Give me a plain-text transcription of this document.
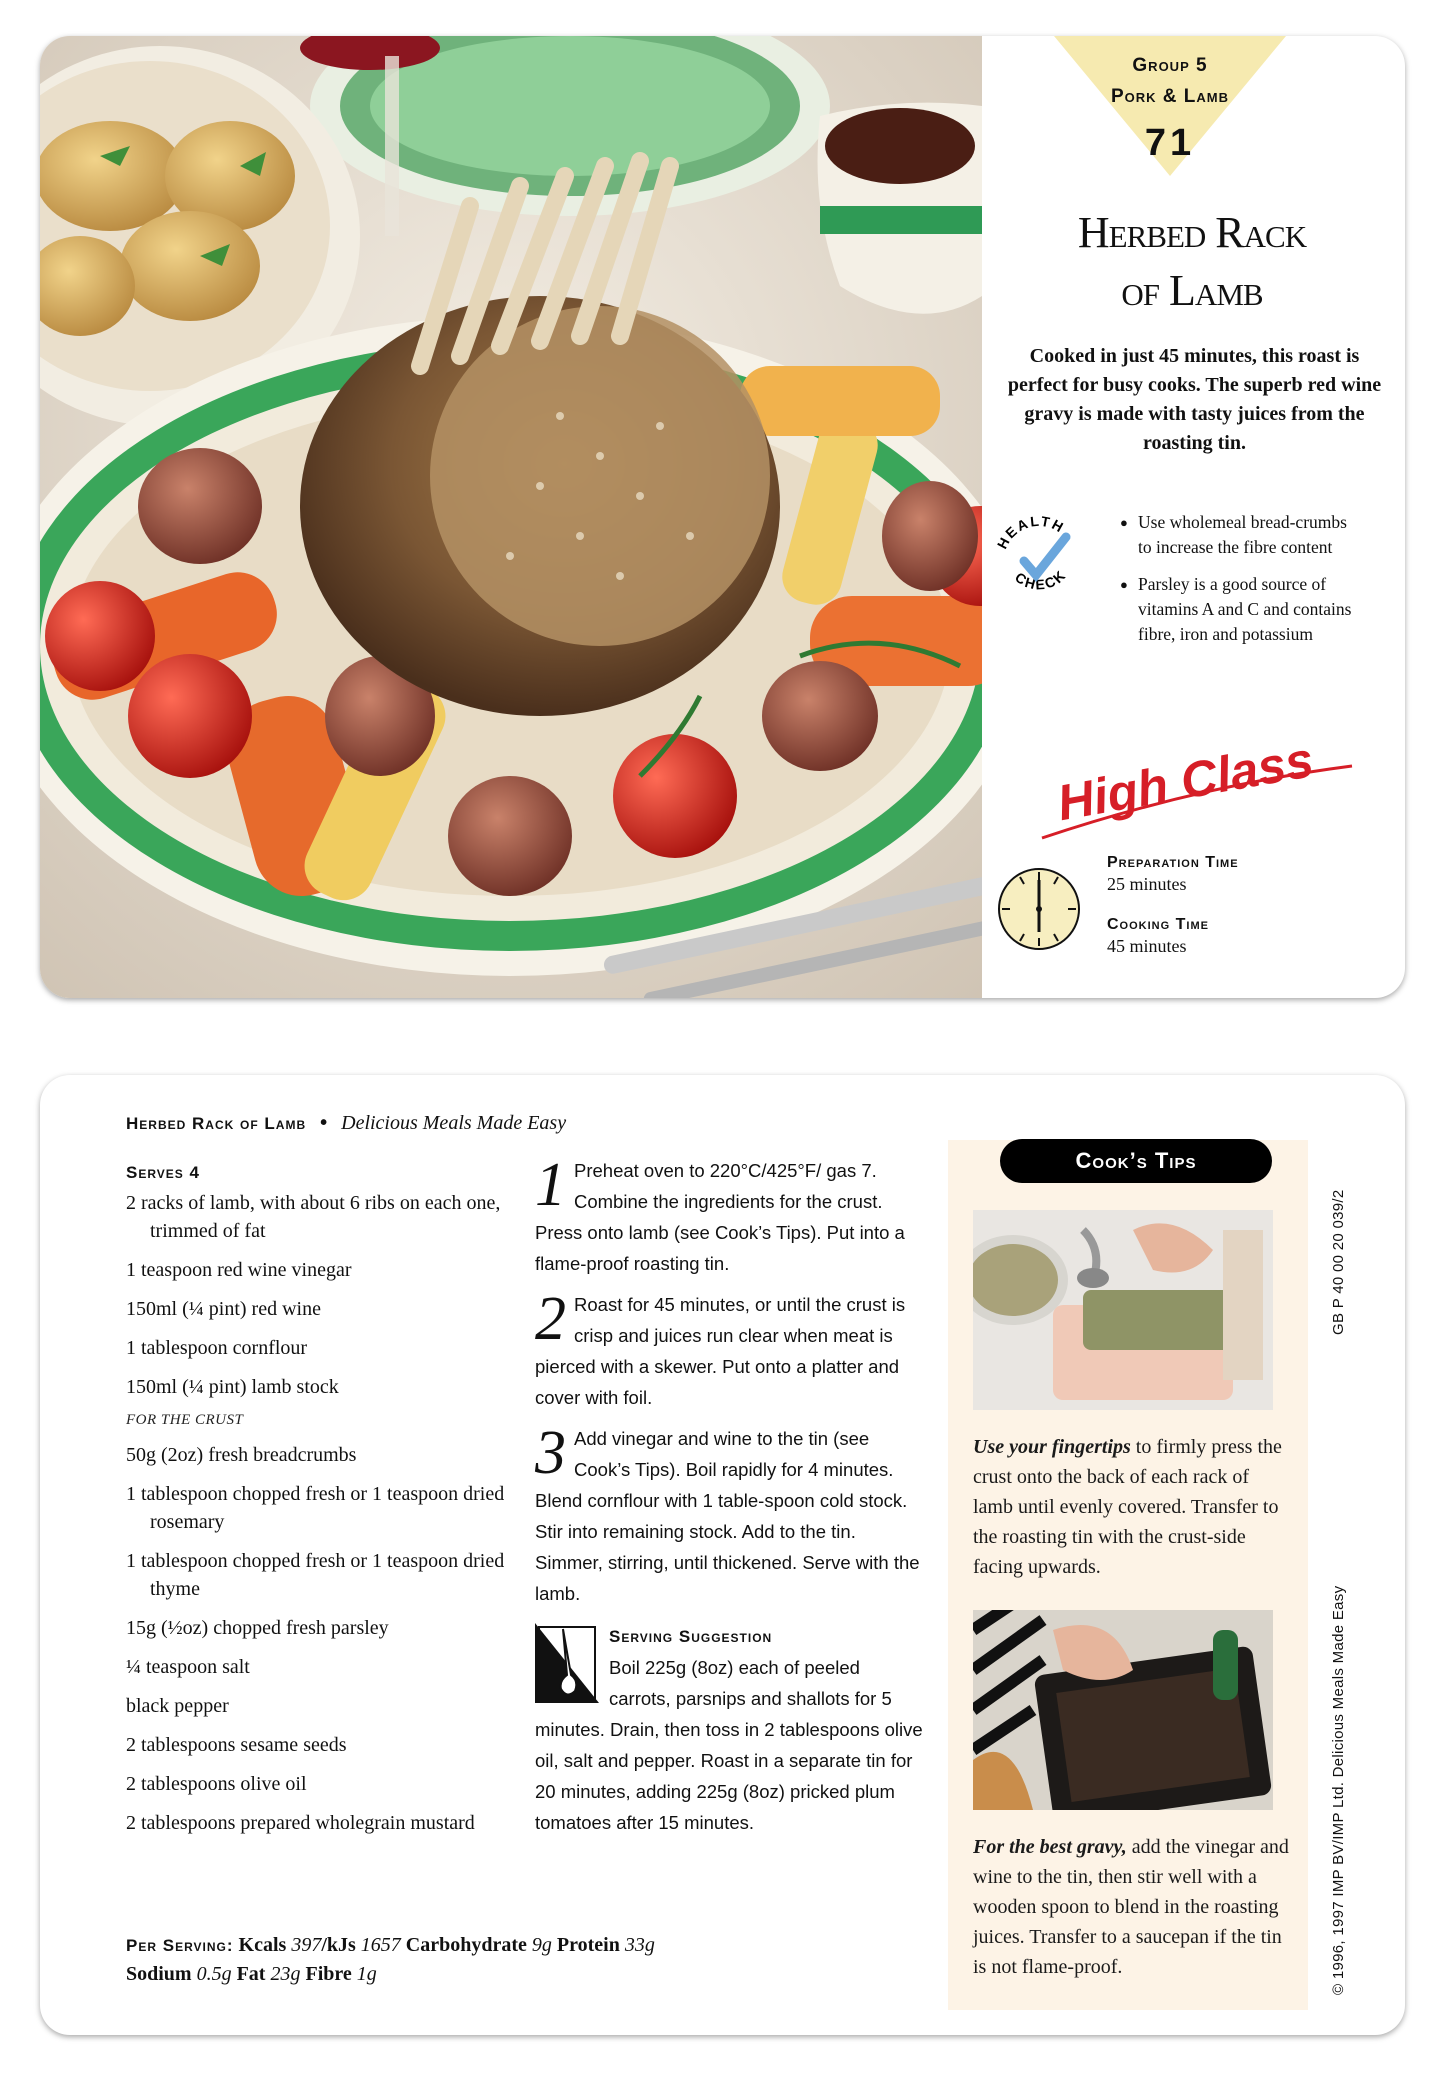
Group 5
Pork & Lamb
71
Herbed Rack
of Lamb

Cooked in just 45 minutes, this roast is perfect for busy cooks. The superb red wine gravy is made with tasty juices from the roasting tin.

HEALTH
CHECK
● Use wholemeal bread-crumbs to increase the fibre content
● Parsley is a good source of vitamins A and C and contains fibre, iron and potassium
High Class
Preparation Time
25 minutes
Cooking Time
45 minutes
Herbed Rack of Lamb • Delicious Meals Made Easy
Serves 4
2 racks of lamb, with about 6 ribs on each one, trimmed of fat
1 teaspoon red wine vinegar
150ml (¼ pint) red wine
1 tablespoon cornflour
150ml (¼ pint) lamb stock
FOR THE CRUST
50g (2oz) fresh breadcrumbs
1 tablespoon chopped fresh or 1 teaspoon dried rosemary
1 tablespoon chopped fresh or 1 teaspoon dried thyme
15g (½oz) chopped fresh parsley
¼ teaspoon salt
black pepper
2 tablespoons sesame seeds
2 tablespoons olive oil
2 tablespoons prepared wholegrain mustard
1 Preheat oven to 220°C/425°F/ gas 7. Combine the ingredients for the crust. Press onto lamb (see Cook’s Tips). Put into a flame-proof roasting tin.
2 Roast for 45 minutes, or until the crust is crisp and juices run clear when meat is pierced with a skewer. Put onto a platter and cover with foil.
3 Add vinegar and wine to the tin (see Cook’s Tips). Boil rapidly for 4 minutes. Blend cornflour with 1 table-spoon cold stock. Stir into remaining stock. Add to the tin. Simmer, stirring, until thickened. Serve with the lamb.
Serving Suggestion
Boil 225g (8oz) each of peeled carrots, parsnips and shallots for 5 minutes. Drain, then toss in 2 tablespoons olive oil, salt and pepper. Roast in a separate tin for 20 minutes, adding 225g (8oz) pricked plum tomatoes after 15 minutes.
Per Serving: Kcals 397/kJs 1657 Carbohydrate 9g Protein 33g
Sodium 0.5g Fat 23g Fibre 1g
Cook’s Tips
Use your fingertips to firmly press the crust onto the back of each rack of lamb until evenly covered. Transfer to the roasting tin with the crust-side facing upwards.
For the best gravy, add the vinegar and wine to the tin, then stir well with a wooden spoon to blend in the roasting juices. Transfer to a saucepan if the tin is not flame-proof.
GB P 40 00 20 039/2
© 1996, 1997 IMP BV/IMP Ltd. Delicious Meals Made Easy
